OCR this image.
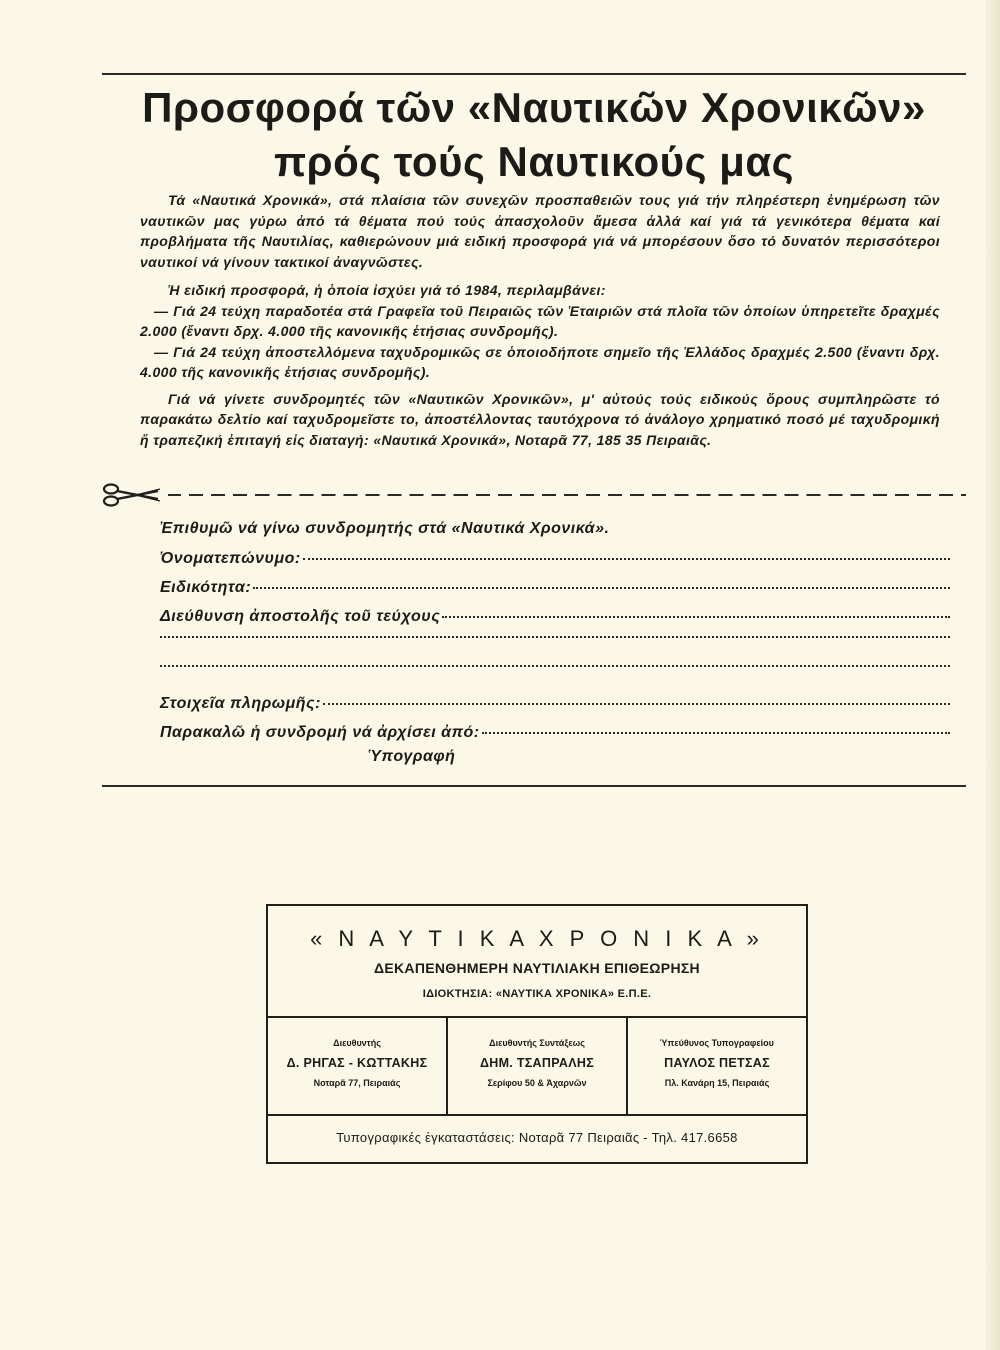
Προσφορά τῶν «Ναυτικῶν Χρονικῶν»
πρός τούς Ναυτικούς μας

Τά «Ναυτικά Χρονικά», στά πλαίσια τῶν συνεχῶν προσπαθειῶν τους γιά τήν πληρέστερη ἐνημέρωση τῶν ναυτικῶν μας γύρω ἀπό τά θέματα πού τούς ἀπασχολοῦν ἄμεσα ἀλλά καί γιά τά γενικότερα θέματα καί προβλήματα τῆς Ναυτιλίας, καθιερώνουν μιά ειδική προσφορά γιά νά μπορέσουν ὅσο τό δυνατόν περισσότεροι ναυτικοί νά γίνουν τακτικοί ἀναγνῶστες.

Ἡ ειδική προσφορά, ἡ ὁποία ἰσχύει γιά τό 1984, περιλαμβάνει:

— Γιά 24 τεύχη παραδοτέα στά Γραφεῖα τοῦ Πειραιῶς τῶν Ἑταιριῶν στά πλοῖα τῶν ὁποίων ὑπηρετεῖτε δραχμές 2.000 (ἔναντι δρχ. 4.000 τῆς κανονικῆς ἐτήσιας συνδρομῆς).

— Γιά 24 τεύχη ἀποστελλόμενα ταχυδρομικῶς σε ὁποιοδήποτε σημεῖο τῆς Ἑλλάδος δραχμές 2.500 (ἔναντι δρχ. 4.000 τῆς κανονικῆς ἐτήσιας συνδρομῆς).

Γιά νά γίνετε συνδρομητές τῶν «Ναυτικῶν Χρονικῶν», μ' αὐτούς τούς ειδικούς ὅρους συμπληρῶστε τό παρακάτω δελτίο καί ταχυδρομεῖστε το, ἀποστέλλοντας ταυτόχρονα τό ἀνάλογο χρηματικό ποσό μέ ταχυδρομική ἤ τραπεζική ἐπιταγή εἰς διαταγή: «Ναυτικά Χρονικά», Νοταρᾶ 77, 185 35 Πειραιᾶς.

Ἐπιθυμῶ νά γίνω συνδρομητής στά «Ναυτικά Χρονικά».
Ὀνοματεπώνυμο:
Ειδικότητα:
Διεύθυνση ἀποστολῆς τοῦ τεύχους
Στοιχεῖα πληρωμῆς:
Παρακαλῶ ἡ συνδρομή νά ἀρχίσει ἀπό:
Ὑπογραφή
« Ν Α Υ Τ Ι Κ Α Χ Ρ Ο Ν Ι Κ Α »
ΔΕΚΑΠΕΝΘΗΜΕΡΗ ΝΑΥΤΙΛΙΑΚΗ ΕΠΙΘΕΩΡΗΣΗ
ΙΔΙΟΚΤΗΣΙΑ: «ΝΑΥΤΙΚΑ ΧΡΟΝΙΚΑ» Ε.Π.Ε.
Διευθυντής
Δ. ΡΗΓΑΣ - ΚΩΤΤΑΚΗΣ
Νοταρᾶ 77, Πειραιάς
Διευθυντής Συντάξεως
ΔΗΜ. ΤΣΑΠΡΑΛΗΣ
Σερίφου 50 & Ἀχαρνῶν
Ὑπεύθυνος Τυπογραφείου
ΠΑΥΛΟΣ ΠΕΤΣΑΣ
Πλ. Κανάρη 15, Πειραιάς
Τυπογραφικές ἐγκαταστάσεις: Νοταρᾶ 77 Πειραιᾶς - Τηλ. 417.6658
